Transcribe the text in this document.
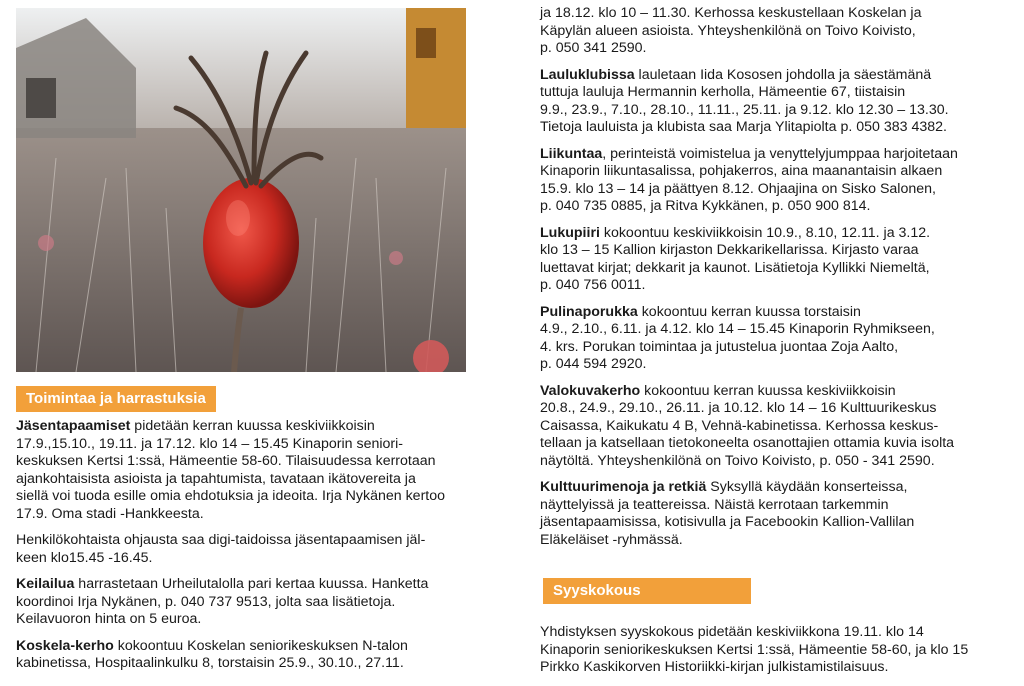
Toimintaa ja harrastuksia

Jäsentapaamiset pidetään kerran kuussa keskiviikkoisin
17.9.,15.10., 19.11. ja 17.12. klo 14 – 15.45 Kinaporin seniori-
keskuksen Kertsi 1:ssä, Hämeentie 58-60. Tilaisuudessa kerrotaan
ajankohtaisista asioista ja tapahtumista, tavataan ikätovereita ja
siellä voi tuoda esille omia ehdotuksia ja ideoita. Irja Nykänen kertoo
17.9. Oma stadi -Hankkeesta.

Henkilökohtaista ohjausta saa digi-taidoissa jäsentapaamisen jäl-
keen klo15.45 -16.45.

Keilailua harrastetaan Urheilutalolla pari kertaa kuussa. Hanketta
koordinoi Irja Nykänen, p. 040 737 9513, jolta saa lisätietoja.
Keilavuoron hinta on 5 euroa.

Koskela-kerho kokoontuu Koskelan seniorikeskuksen N-talon
kabinetissa, Hospitaalinkulku 8, torstaisin 25.9., 30.10., 27.11.

ja 18.12. klo 10 – 11.30. Kerhossa keskustellaan Koskelan ja
Käpylän alueen asioista. Yhteyshenkilönä on Toivo Koivisto,
p. 050 341 2590.

Lauluklubissa lauletaan Iida Kososen johdolla ja säestämänä
tuttuja lauluja Hermannin kerholla, Hämeentie 67, tiistaisin
9.9., 23.9., 7.10., 28.10., 11.11., 25.11. ja 9.12. klo 12.30 – 13.30.
Tietoja lauluista ja klubista saa Marja Ylitapiolta p. 050 383 4382.

Liikuntaa, perinteistä voimistelua ja venyttelyjumppaa harjoitetaan
Kinaporin liikuntasalissa, pohjakerros, aina maanantaisin alkaen
15.9. klo 13 – 14 ja päättyen 8.12. Ohjaajina on Sisko Salonen,
p. 040 735 0885, ja Ritva Kykkänen, p. 050 900 814.

Lukupiiri kokoontuu keskiviikkoisin 10.9., 8.10, 12.11. ja 3.12.
klo 13 – 15 Kallion kirjaston Dekkarikellarissa. Kirjasto varaa
luettavat kirjat; dekkarit ja kaunot. Lisätietoja Kyllikki Niemeltä,
p. 040 756 0011.

Pulinaporukka kokoontuu kerran kuussa torstaisin
4.9., 2.10., 6.11. ja 4.12. klo 14 – 15.45 Kinaporin Ryhmikseen,
4. krs. Porukan toimintaa ja jutustelua juontaa Zoja Aalto,
p. 044 594 2920.

Valokuvakerho kokoontuu kerran kuussa keskiviikkoisin
20.8., 24.9., 29.10., 26.11. ja 10.12. klo 14 – 16 Kulttuurikeskus
Caisassa, Kaikukatu 4 B, Vehnä-kabinetissa. Kerhossa keskus-
tellaan ja katsellaan tietokoneelta osanottajien ottamia kuvia isolta
näytöltä. Yhteyshenkilönä on Toivo Koivisto, p. 050 - 341 2590.

Kulttuurimenoja ja retkiä Syksyllä käydään konserteissa,
näyttelyissä ja teattereissa. Näistä kerrotaan tarkemmin
jäsentapaamisissa, kotisivulla ja Facebookin Kallion-Vallilan
Eläkeläiset -ryhmässä.

Syyskokous

Yhdistyksen syyskokous pidetään keskiviikkona 19.11. klo 14
Kinaporin seniorikeskuksen Kertsi 1:ssä, Hämeentie 58-60, ja klo 15
Pirkko Kaskikorven Historiikki-kirjan julkistamistilaisuus.
